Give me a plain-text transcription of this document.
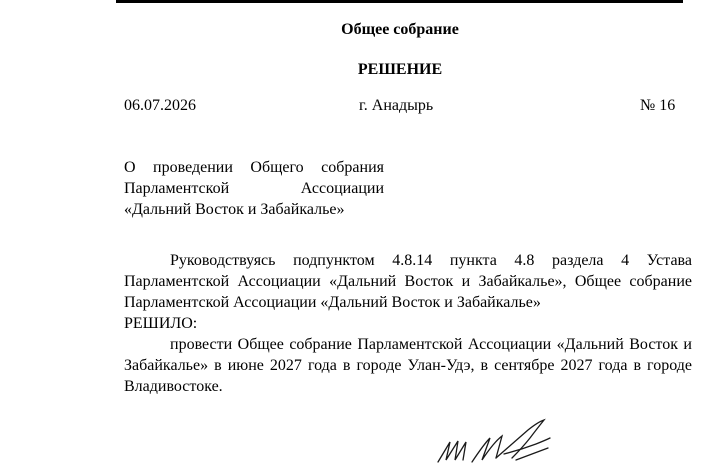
Общее собрание
РЕШЕНИЕ
06.07.2026	г. Анадырь	№ 16
О проведении Общего собрания
Парламентской Ассоциации
«Дальний Восток и Забайкалье»

Руководствуясь подпунктом 4.8.14 пункта 4.8 раздела 4 Устава Парламентской Ассоциации «Дальний Восток и Забайкалье», Общее собрание Парламентской Ассоциации «Дальний Восток и Забайкалье»

РЕШИЛО:

провести Общее собрание Парламентской Ассоциации «Дальний Восток и Забайкалье» в июне 2027 года в городе Улан-Удэ, в сентябре 2027 года в городе Владивостоке.
